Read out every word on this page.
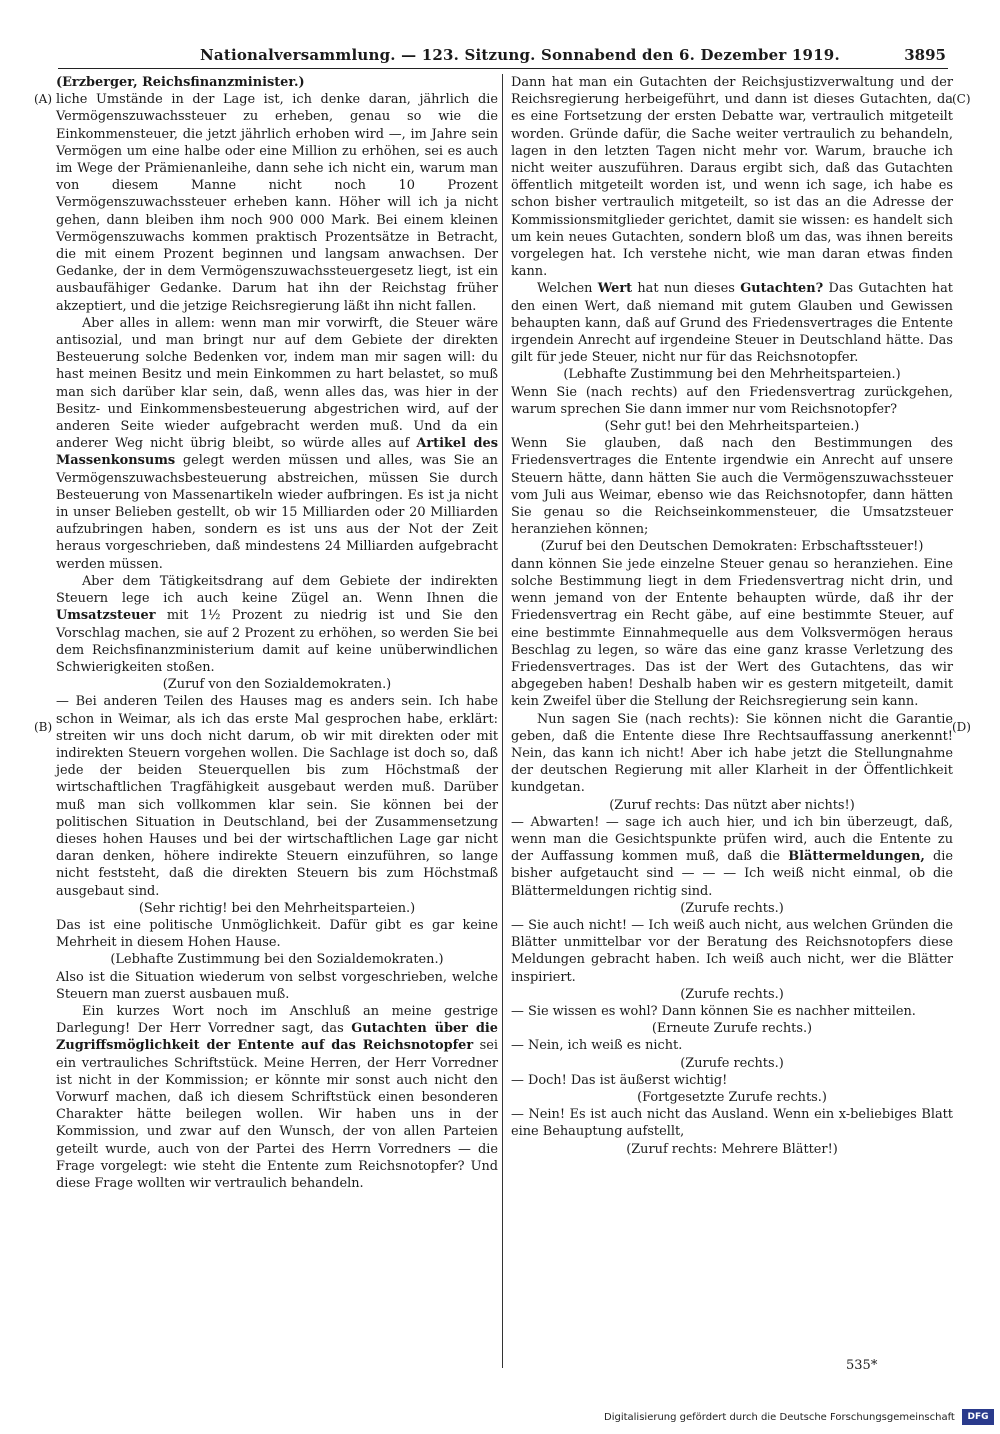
Nationalversammlung. — 123. Sitzung. Sonnabend den 6. Dezember 1919.	3895
(A)
(B)
(C)
(D)

(Erzberger, Reichsfinanzminister.)

liche Umstände in der Lage ist, ich denke daran, jährlich die Vermögenszuwachssteuer zu erheben, genau so wie die Einkommensteuer, die jetzt jährlich erhoben wird —, im Jahre sein Vermögen um eine halbe oder eine Million zu erhöhen, sei es auch im Wege der Prämienanleihe, dann sehe ich nicht ein, warum man von diesem Manne nicht noch 10 Prozent Vermögenszuwachssteuer erheben kann. Höher will ich ja nicht gehen, dann bleiben ihm noch 900 000 Mark. Bei einem kleinen Vermögenszuwachs kommen praktisch Prozentsätze in Betracht, die mit einem Prozent beginnen und langsam anwachsen. Der Gedanke, der in dem Vermögenszuwachssteuergesetz liegt, ist ein ausbaufähiger Gedanke. Darum hat ihn der Reichstag früher akzeptiert, und die jetzige Reichsregierung läßt ihn nicht fallen.

Aber alles in allem: wenn man mir vorwirft, die Steuer wäre antisozial, und man bringt nur auf dem Gebiete der direkten Besteuerung solche Bedenken vor, indem man mir sagen will: du hast meinen Besitz und mein Einkommen zu hart belastet, so muß man sich darüber klar sein, daß, wenn alles das, was hier in der Besitz- und Einkommensbesteuerung abgestrichen wird, auf der anderen Seite wieder aufgebracht werden muß. Und da ein anderer Weg nicht übrig bleibt, so würde alles auf Artikel des Massenkonsums gelegt werden müssen und alles, was Sie an Vermögenszuwachsbesteuerung abstreichen, müssen Sie durch Besteuerung von Massenartikeln wieder aufbringen. Es ist ja nicht in unser Belieben gestellt, ob wir 15 Milliarden oder 20 Milliarden aufzubringen haben, sondern es ist uns aus der Not der Zeit heraus vorgeschrieben, daß mindestens 24 Milliarden aufgebracht werden müssen.

Aber dem Tätigkeitsdrang auf dem Gebiete der indirekten Steuern lege ich auch keine Zügel an. Wenn Ihnen die Umsatzsteuer mit 1½ Prozent zu niedrig ist und Sie den Vorschlag machen, sie auf 2 Prozent zu erhöhen, so werden Sie bei dem Reichsfinanzministerium damit auf keine unüberwindlichen Schwierigkeiten stoßen.

(Zuruf von den Sozialdemokraten.)

— Bei anderen Teilen des Hauses mag es anders sein. Ich habe schon in Weimar, als ich das erste Mal gesprochen habe, erklärt: streiten wir uns doch nicht darum, ob wir mit direkten oder mit indirekten Steuern vorgehen wollen. Die Sachlage ist doch so, daß jede der beiden Steuerquellen bis zum Höchstmaß der wirtschaftlichen Tragfähigkeit ausgebaut werden muß. Darüber muß man sich vollkommen klar sein. Sie können bei der politischen Situation in Deutschland, bei der Zusammensetzung dieses hohen Hauses und bei der wirtschaftlichen Lage gar nicht daran denken, höhere indirekte Steuern einzuführen, so lange nicht feststeht, daß die direkten Steuern bis zum Höchstmaß ausgebaut sind.

(Sehr richtig! bei den Mehrheitsparteien.)

Das ist eine politische Unmöglichkeit. Dafür gibt es gar keine Mehrheit in diesem Hohen Hause.

(Lebhafte Zustimmung bei den Sozialdemokraten.)

Also ist die Situation wiederum von selbst vorgeschrieben, welche Steuern man zuerst ausbauen muß.

Ein kurzes Wort noch im Anschluß an meine gestrige Darlegung! Der Herr Vorredner sagt, das Gutachten über die Zugriffsmöglichkeit der Entente auf das Reichsnotopfer sei ein vertrauliches Schriftstück. Meine Herren, der Herr Vorredner ist nicht in der Kommission; er könnte mir sonst auch nicht den Vorwurf machen, daß ich diesem Schriftstück einen besonderen Charakter hätte beilegen wollen. Wir haben uns in der Kommission, und zwar auf den Wunsch, der von allen Parteien geteilt wurde, auch von der Partei des Herrn Vorredners — die Frage vorgelegt: wie steht die Entente zum Reichsnotopfer? Und diese Frage wollten wir vertraulich behandeln.

Dann hat man ein Gutachten der Reichsjustizverwaltung und der Reichsregierung herbeigeführt, und dann ist dieses Gutachten, da es eine Fortsetzung der ersten Debatte war, vertraulich mitgeteilt worden. Gründe dafür, die Sache weiter vertraulich zu behandeln, lagen in den letzten Tagen nicht mehr vor. Warum, brauche ich nicht weiter auszuführen. Daraus ergibt sich, daß das Gutachten öffentlich mitgeteilt worden ist, und wenn ich sage, ich habe es schon bisher vertraulich mitgeteilt, so ist das an die Adresse der Kommissionsmitglieder gerichtet, damit sie wissen: es handelt sich um kein neues Gutachten, sondern bloß um das, was ihnen bereits vorgelegen hat. Ich verstehe nicht, wie man daran etwas finden kann.

Welchen Wert hat nun dieses Gutachten? Das Gutachten hat den einen Wert, daß niemand mit gutem Glauben und Gewissen behaupten kann, daß auf Grund des Friedensvertrages die Entente irgendein Anrecht auf irgendeine Steuer in Deutschland hätte. Das gilt für jede Steuer, nicht nur für das Reichsnotopfer.

(Lebhafte Zustimmung bei den Mehrheitsparteien.)

Wenn Sie (nach rechts) auf den Friedensvertrag zurückgehen, warum sprechen Sie dann immer nur vom Reichsnotopfer?

(Sehr gut! bei den Mehrheitsparteien.)

Wenn Sie glauben, daß nach den Bestimmungen des Friedensvertrages die Entente irgendwie ein Anrecht auf unsere Steuern hätte, dann hätten Sie auch die Vermögenszuwachssteuer vom Juli aus Weimar, ebenso wie das Reichsnotopfer, dann hätten Sie genau so die Reichseinkommensteuer, die Umsatzsteuer heranziehen können;

(Zuruf bei den Deutschen Demokraten: Erbschaftssteuer!)

dann können Sie jede einzelne Steuer genau so heranziehen. Eine solche Bestimmung liegt in dem Friedensvertrag nicht drin, und wenn jemand von der Entente behaupten würde, daß ihr der Friedensvertrag ein Recht gäbe, auf eine bestimmte Steuer, auf eine bestimmte Einnahmequelle aus dem Volksvermögen heraus Beschlag zu legen, so wäre das eine ganz krasse Verletzung des Friedensvertrages. Das ist der Wert des Gutachtens, das wir abgegeben haben! Deshalb haben wir es gestern mitgeteilt, damit kein Zweifel über die Stellung der Reichsregierung sein kann.

Nun sagen Sie (nach rechts): Sie können nicht die Garantie geben, daß die Entente diese Ihre Rechtsauffassung anerkennt! Nein, das kann ich nicht! Aber ich habe jetzt die Stellungnahme der deutschen Regierung mit aller Klarheit in der Öffentlichkeit kundgetan.

(Zuruf rechts: Das nützt aber nichts!)

— Abwarten! — sage ich auch hier, und ich bin überzeugt, daß, wenn man die Gesichtspunkte prüfen wird, auch die Entente zu der Auffassung kommen muß, daß die Blättermeldungen, die bisher aufgetaucht sind — — — Ich weiß nicht einmal, ob die Blättermeldungen richtig sind.

(Zurufe rechts.)

— Sie auch nicht! — Ich weiß auch nicht, aus welchen Gründen die Blätter unmittelbar vor der Beratung des Reichsnotopfers diese Meldungen gebracht haben. Ich weiß auch nicht, wer die Blätter inspiriert.

(Zurufe rechts.)

— Sie wissen es wohl? Dann können Sie es nachher mitteilen.

(Erneute Zurufe rechts.)

— Nein, ich weiß es nicht.

(Zurufe rechts.)

— Doch! Das ist äußerst wichtig!

(Fortgesetzte Zurufe rechts.)

— Nein! Es ist auch nicht das Ausland. Wenn ein x-beliebiges Blatt eine Behauptung aufstellt,

(Zuruf rechts: Mehrere Blätter!)

535*
Digitalisierung gefördert durch die Deutsche Forschungsgemeinschaft	DFG
